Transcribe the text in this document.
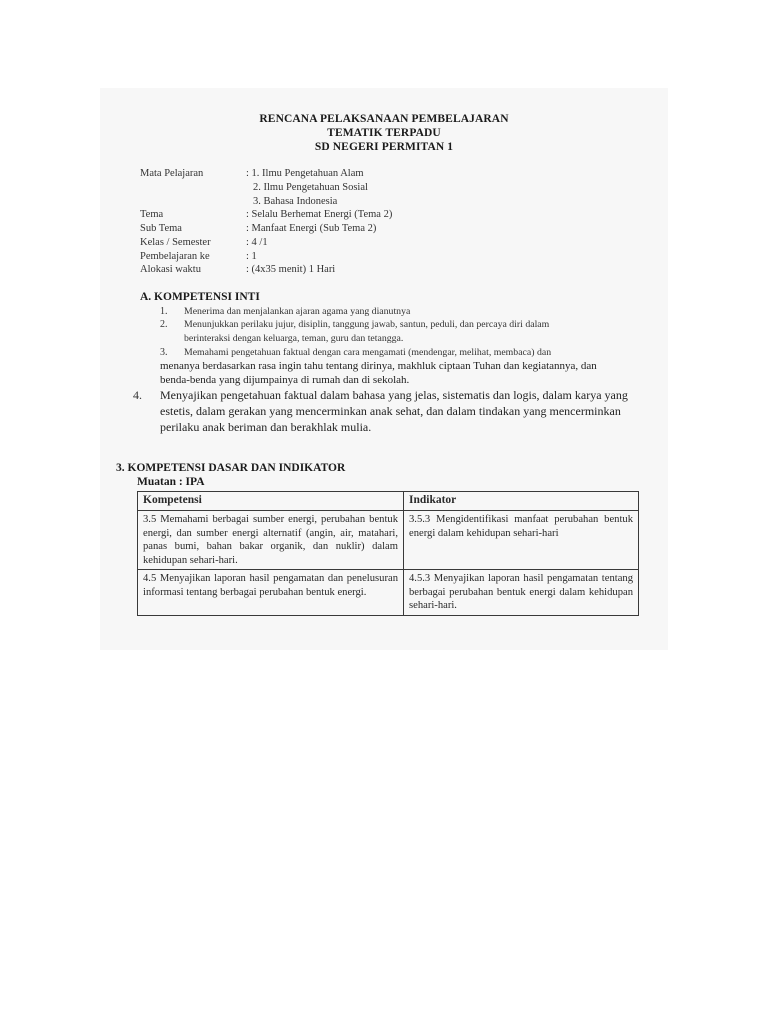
RENCANA PELAKSANAAN PEMBELAJARAN
TEMATIK TERPADU
SD NEGERI PERMITAN 1
Mata Pelajaran	: 1. Ilmu Pengetahuan Alam
2. Ilmu Pengetahuan Sosial
3. Bahasa Indonesia
Tema	: Selalu Berhemat Energi (Tema 2)
Sub Tema	: Manfaat Energi (Sub Tema 2)
Kelas / Semester	: 4 /1
Pembelajaran ke	: 1
Alokasi waktu	: (4x35 menit) 1 Hari
A. KOMPETENSI INTI
1. Menerima dan menjalankan ajaran agama yang dianutnya
2. Menunjukkan perilaku jujur, disiplin, tanggung jawab, santun, peduli, dan percaya diri dalam
berinteraksi dengan keluarga, teman, guru dan tetangga.
3. Memahami pengetahuan faktual dengan cara mengamati (mendengar, melihat, membaca) dan
menanya berdasarkan rasa ingin tahu tentang dirinya, makhluk ciptaan Tuhan dan kegiatannya, dan
benda-benda yang dijumpainya di rumah dan di sekolah.
4. Menyajikan pengetahuan faktual dalam bahasa yang jelas, sistematis dan logis, dalam karya yang
estetis, dalam gerakan yang mencerminkan anak sehat, dan dalam tindakan yang mencerminkan
perilaku anak beriman dan berakhlak mulia.
3. KOMPETENSI DASAR DAN INDIKATOR
Muatan : IPA
Kompetensi	Indikator
3.5 Memahami berbagai sumber energi, perubahan bentuk energi, dan sumber energi alternatif (angin, air, matahari, panas bumi, bahan bakar organik, dan nuklir) dalam kehidupan sehari-hari.	3.5.3 Mengidentifikasi manfaat perubahan bentuk energi dalam kehidupan sehari-hari
4.5 Menyajikan laporan hasil pengamatan dan penelusuran informasi tentang berbagai perubahan bentuk energi.	4.5.3 Menyajikan laporan hasil pengamatan tentang berbagai perubahan bentuk energi dalam kehidupan sehari-hari.
